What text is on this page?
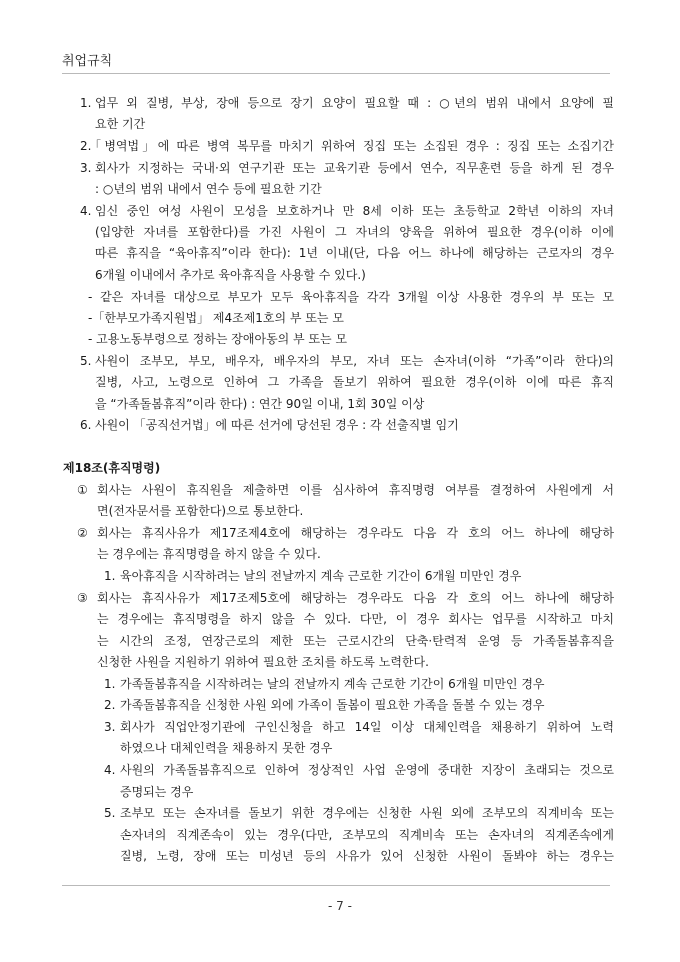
취업규칙
1. 업무 외 질병, 부상, 장애 등으로 장기 요양이 필요할 때 : ○년의 범위 내에서 요양에 필
요한 기간
2.
「병역법」에 따른 병역 복무를 마치기 위하여 징집 또는 소집된 경우 : 징집 또는 소집기간
3. 회사가 지정하는 국내·외 연구기관 또는 교육기관 등에서 연수, 직무훈련 등을 하게 된 경우
: ○년의 범위 내에서 연수 등에 필요한 기간
4. 임신 중인 여성 사원이 모성을 보호하거나 만 8세 이하 또는 초등학교 2학년 이하의 자녀
(입양한 자녀를 포함한다)를 가진 사원이 그 자녀의 양육을 위하여 필요한 경우(이하 이에
따른 휴직을 “육아휴직”이라 한다): 1년 이내(단, 다음 어느 하나에 해당하는 근로자의 경우
6개월 이내에서 추가로 육아휴직을 사용할 수 있다.)
- 같은 자녀를 대상으로 부모가 모두 육아휴직을 각각 3개월 이상 사용한 경우의 부 또는 모
-「한부모가족지원법」 제4조제1호의 부 또는 모
- 고용노동부령으로 정하는 장애아동의 부 또는 모
5. 사원이 조부모, 부모, 배우자, 배우자의 부모, 자녀 또는 손자녀(이하 “가족”이라 한다)의
질병, 사고, 노령으로 인하여 그 가족을 돌보기 위하여 필요한 경우(이하 이에 따른 휴직
을 “가족돌봄휴직”이라 한다) : 연간 90일 이내, 1회 30일 이상
6. 사원이 「공직선거법」에 따른 선거에 당선된 경우 : 각 선출직별 임기
제18조(휴직명령)
① 회사는 사원이 휴직원을 제출하면 이를 심사하여 휴직명령 여부를 결정하여 사원에게 서
면(전자문서를 포함한다)으로 통보한다.
② 회사는 휴직사유가 제17조제4호에 해당하는 경우라도 다음 각 호의 어느 하나에 해당하
는 경우에는 휴직명령을 하지 않을 수 있다.
1. 육아휴직을 시작하려는 날의 전날까지 계속 근로한 기간이 6개월 미만인 경우
③ 회사는 휴직사유가 제17조제5호에 해당하는 경우라도 다음 각 호의 어느 하나에 해당하
는 경우에는 휴직명령을 하지 않을 수 있다. 다만, 이 경우 회사는 업무를 시작하고 마치
는 시간의 조정, 연장근로의 제한 또는 근로시간의 단축·탄력적 운영 등 가족돌봄휴직을
신청한 사원을 지원하기 위하여 필요한 조치를 하도록 노력한다.
1. 가족돌봄휴직을 시작하려는 날의 전날까지 계속 근로한 기간이 6개월 미만인 경우
2. 가족돌봄휴직을 신청한 사원 외에 가족이 돌봄이 필요한 가족을 돌볼 수 있는 경우
3. 회사가 직업안정기관에 구인신청을 하고 14일 이상 대체인력을 채용하기 위하여 노력
하였으나 대체인력을 채용하지 못한 경우
4. 사원의 가족돌봄휴직으로 인하여 정상적인 사업 운영에 중대한 지장이 초래되는 것으로
증명되는 경우
5. 조부모 또는 손자녀를 돌보기 위한 경우에는 신청한 사원 외에 조부모의 직계비속 또는
손자녀의 직계존속이 있는 경우(다만, 조부모의 직계비속 또는 손자녀의 직계존속에게
질병, 노령, 장애 또는 미성년 등의 사유가 있어 신청한 사원이 돌봐야 하는 경우는
- 7 -
